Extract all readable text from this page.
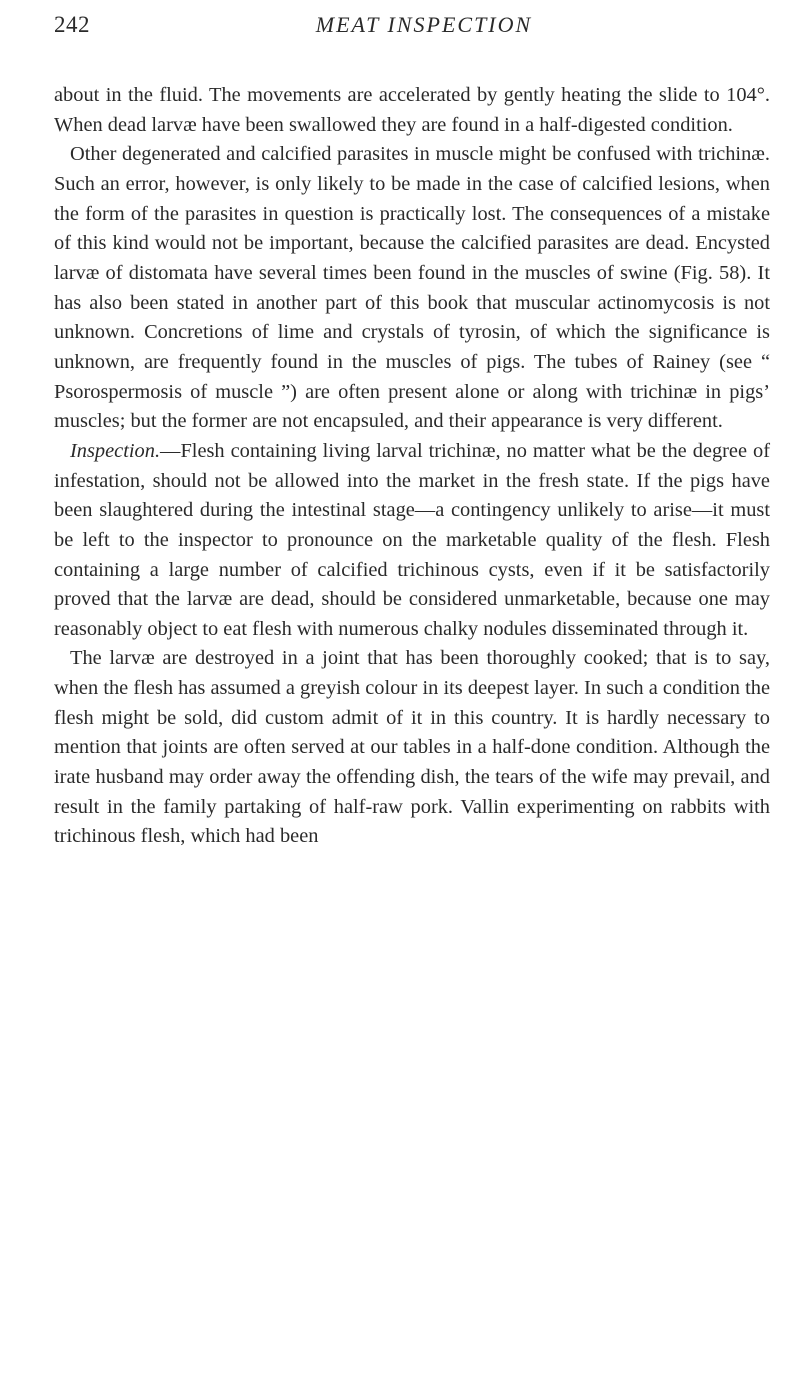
242	MEAT INSPECTION

about in the fluid. The movements are accelerated by gently heating the slide to 104°. When dead larvæ have been swallowed they are found in a half-digested condition.

Other degenerated and calcified parasites in muscle might be confused with trichinæ. Such an error, however, is only likely to be made in the case of calcified lesions, when the form of the parasites in question is practically lost. The consequences of a mistake of this kind would not be important, because the calcified parasites are dead. Encysted larvæ of distomata have several times been found in the muscles of swine (Fig. 58). It has also been stated in another part of this book that muscular actinomycosis is not unknown. Concretions of lime and crystals of tyrosin, of which the significance is unknown, are frequently found in the muscles of pigs. The tubes of Rainey (see “ Psorospermosis of muscle ”) are often present alone or along with trichinæ in pigs’ muscles; but the former are not encapsuled, and their appearance is very different.

Inspection.—Flesh containing living larval trichinæ, no matter what be the degree of infestation, should not be allowed into the market in the fresh state. If the pigs have been slaughtered during the intestinal stage—a contingency unlikely to arise—it must be left to the inspector to pronounce on the marketable quality of the flesh. Flesh containing a large number of calcified trichinous cysts, even if it be satisfactorily proved that the larvæ are dead, should be considered unmarketable, because one may reasonably object to eat flesh with numerous chalky nodules disseminated through it.

The larvæ are destroyed in a joint that has been thoroughly cooked; that is to say, when the flesh has assumed a greyish colour in its deepest layer. In such a condition the flesh might be sold, did custom admit of it in this country. It is hardly necessary to mention that joints are often served at our tables in a half-done condition. Although the irate husband may order away the offending dish, the tears of the wife may prevail, and result in the family partaking of half-raw pork. Vallin experimenting on rabbits with trichinous flesh, which had been
